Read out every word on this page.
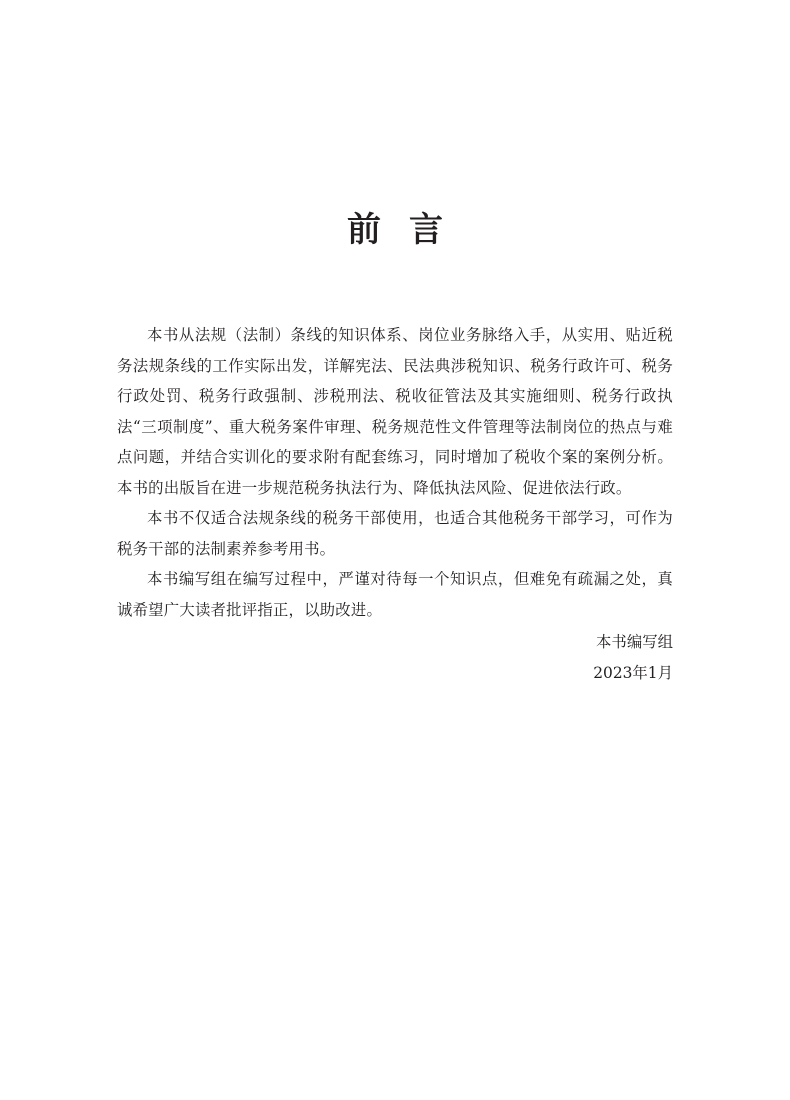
前言

本书从法规（法制）条线的知识体系、岗位业务脉络入手，从实用、贴近税务法规条线的工作实际出发，详解宪法、民法典涉税知识、税务行政许可、税务行政处罚、税务行政强制、涉税刑法、税收征管法及其实施细则、税务行政执法“三项制度”、重大税务案件审理、税务规范性文件管理等法制岗位的热点与难点问题，并结合实训化的要求附有配套练习，同时增加了税收个案的案例分析。本书的出版旨在进一步规范税务执法行为、降低执法风险、促进依法行政。

本书不仅适合法规条线的税务干部使用，也适合其他税务干部学习，可作为税务干部的法制素养参考用书。

本书编写组在编写过程中，严谨对待每一个知识点，但难免有疏漏之处，真诚希望广大读者批评指正，以助改进。

本书编写组
2023年1月
